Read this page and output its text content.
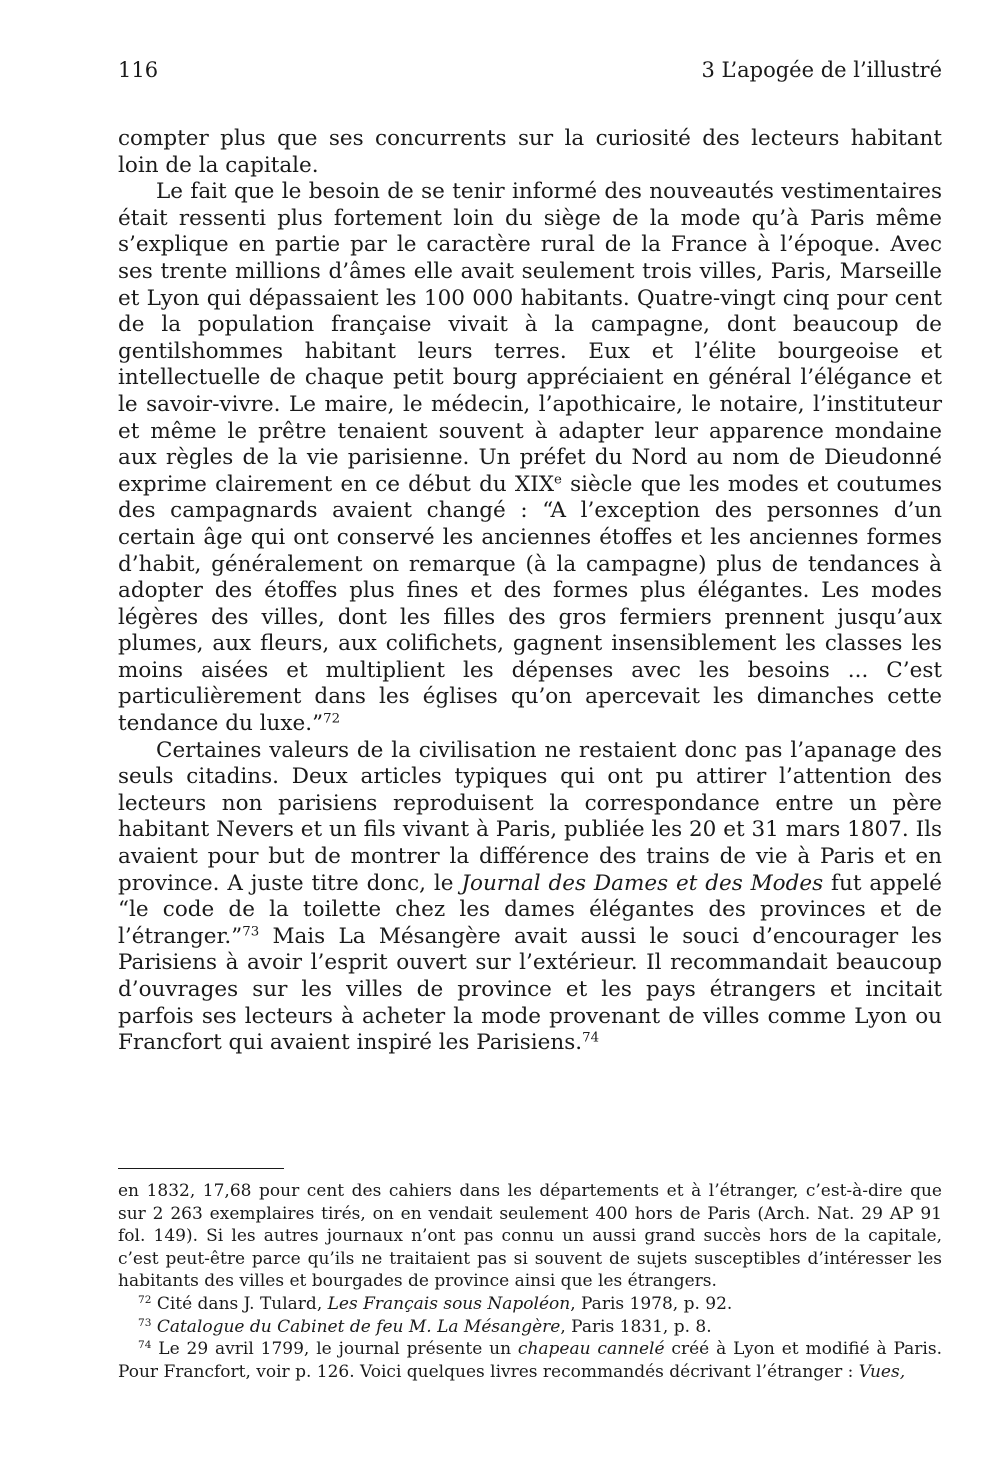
116	3 L’apogée de l’illustré

compter plus que ses concurrents sur la curiosité des lecteurs habitant loin de la capitale.

Le fait que le besoin de se tenir informé des nouveautés vestimentaires était ressenti plus fortement loin du siège de la mode qu’à Paris même s’explique en partie par le caractère rural de la France à l’époque. Avec ses trente millions d’âmes elle avait seulement trois villes, Paris, Marseille et Lyon qui dépassaient les 100 000 habitants. Quatre-vingt cinq pour cent de la population française vivait à la campagne, dont beaucoup de gentilshommes habitant leurs terres. Eux et l’élite bourgeoise et intellectuelle de chaque petit bourg appréciaient en général l’élégance et le savoir-vivre. Le maire, le médecin, l’apothicaire, le notaire, l’instituteur et même le prêtre tenaient souvent à adapter leur apparence mondaine aux règles de la vie parisienne. Un préfet du Nord au nom de Dieudonné exprime clairement en ce début du XIXe siècle que les modes et coutumes des campagnards avaient changé : “A l’exception des personnes d’un certain âge qui ont conservé les anciennes étoffes et les anciennes formes d’habit, généralement on remarque (à la campagne) plus de tendances à adopter des étoffes plus fines et des formes plus élégantes. Les modes légères des villes, dont les filles des gros fermiers prennent jusqu’aux plumes, aux fleurs, aux colifichets, gagnent insensiblement les classes les moins aisées et multiplient les dépenses avec les besoins ... C’est particulièrement dans les églises qu’on apercevait les dimanches cette tendance du luxe.”$^{72}$

Certaines valeurs de la civilisation ne restaient donc pas l’apanage des seuls citadins. Deux articles typiques qui ont pu attirer l’attention des lecteurs non parisiens reproduisent la correspondance entre un père habitant Nevers et un fils vivant à Paris, publiée les 20 et 31 mars 1807. Ils avaient pour but de montrer la différence des trains de vie à Paris et en province. A juste titre donc, le Journal des Dames et des Modes fut appelé “le code de la toilette chez les dames élégantes des provinces et de l’étranger.”$^{73}$ Mais La Mésangère avait aussi le souci d’encourager les Parisiens à avoir l’esprit ouvert sur l’extérieur. Il recommandait beaucoup d’ouvrages sur les villes de province et les pays étrangers et incitait parfois ses lecteurs à acheter la mode provenant de villes comme Lyon ou Francfort qui avaient inspiré les Parisiens.$^{74}$

en 1832, 17,68 pour cent des cahiers dans les départements et à l’étranger, c’est-à-dire que sur 2 263 exemplaires tirés, on en vendait seulement 400 hors de Paris (Arch. Nat. 29 AP 91 fol. 149). Si les autres journaux n’ont pas connu un aussi grand succès hors de la capitale, c’est peut-être parce qu’ils ne traitaient pas si souvent de sujets susceptibles d’intéresser les habitants des villes et bourgades de province ainsi que les étrangers.

$^{72}$ Cité dans J. Tulard, Les Français sous Napoléon, Paris 1978, p. 92.

$^{73}$ Catalogue du Cabinet de feu M. La Mésangère, Paris 1831, p. 8.

$^{74}$ Le 29 avril 1799, le journal présente un chapeau cannelé créé à Lyon et modifié à Paris. Pour Francfort, voir p. 126. Voici quelques livres recommandés décrivant l’étranger : Vues,
